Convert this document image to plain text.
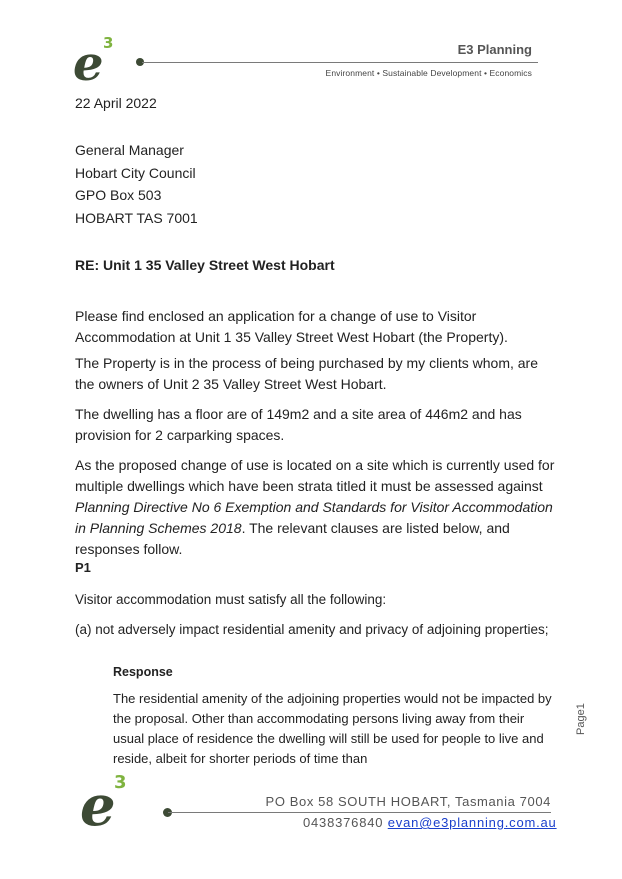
e 3	E3 Planning
Environment • Sustainable Development • Economics
22 April 2022
General Manager
Hobart City Council
GPO Box 503
HOBART TAS 7001
RE: Unit 1 35 Valley Street West Hobart
Please find enclosed an application for a change of use to Visitor Accommodation at Unit 1 35 Valley Street West Hobart (the Property).
The Property is in the process of being purchased by my clients whom, are the owners of Unit 2 35 Valley Street West Hobart.
The dwelling has a floor are of 149m2 and a site area of 446m2 and has provision for 2 carparking spaces.
As the proposed change of use is located on a site which is currently used for multiple dwellings which have been strata titled it must be assessed against Planning Directive No 6 Exemption and Standards for Visitor Accommodation in Planning Schemes 2018. The relevant clauses are listed below, and responses follow.
P1
Visitor accommodation must satisfy all the following:
(a) not adversely impact residential amenity and privacy of adjoining properties;
Response
The residential amenity of the adjoining properties would not be impacted by the proposal. Other than accommodating persons living away from their usual place of residence the dwelling will still be used for people to live and reside, albeit for shorter periods of time than
Page1
e
3
PO Box 58 SOUTH HOBART, Tasmania 7004
0438376840 evan@e3planning.com.au
